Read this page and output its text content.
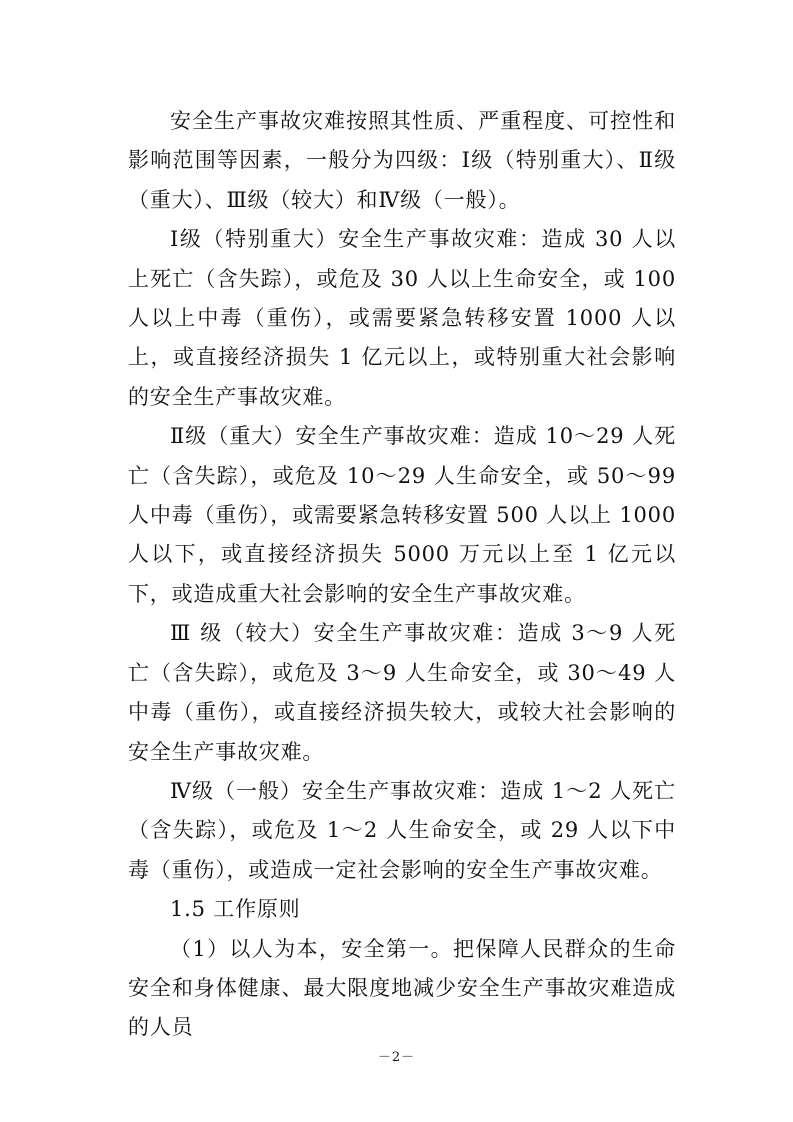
安全生产事故灾难按照其性质、严重程度、可控性和影响范围等因素，一般分为四级：Ⅰ级（特别重大）、Ⅱ级（重大）、Ⅲ级（较大）和Ⅳ级（一般）。

Ⅰ级（特别重大）安全生产事故灾难：造成 30 人以上死亡（含失踪），或危及 30 人以上生命安全，或 100 人以上中毒（重伤），或需要紧急转移安置 1000 人以上，或直接经济损失 1 亿元以上，或特别重大社会影响的安全生产事故灾难。

Ⅱ级（重大）安全生产事故灾难：造成 10～29 人死亡（含失踪），或危及 10～29 人生命安全，或 50～99 人中毒（重伤），或需要紧急转移安置 500 人以上 1000 人以下，或直接经济损失 5000 万元以上至 1 亿元以下，或造成重大社会影响的安全生产事故灾难。

Ⅲ 级（较大）安全生产事故灾难：造成 3～9 人死亡（含失踪），或危及 3～9 人生命安全，或 30～49 人中毒（重伤），或直接经济损失较大，或较大社会影响的安全生产事故灾难。

Ⅳ级（一般）安全生产事故灾难：造成 1～2 人死亡（含失踪），或危及 1～2 人生命安全，或 29 人以下中毒（重伤），或造成一定社会影响的安全生产事故灾难。

1.5 工作原则

（1）以人为本，安全第一。把保障人民群众的生命安全和身体健康、最大限度地减少安全生产事故灾难造成的人员

－2－
